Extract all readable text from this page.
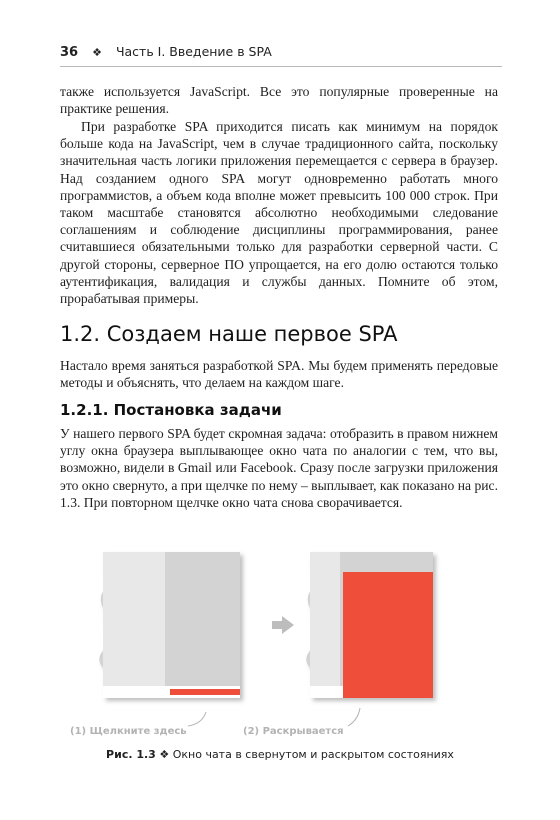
36 ❖ Часть I. Введение в SPA

также используется JavaScript. Все это популярные проверенные на практике решения.

При разработке SPA приходится писать как минимум на порядок больше кода на JavaScript, чем в случае традиционного сайта, поскольку значительная часть логики приложения перемещается с сервера в браузер. Над созданием одного SPA могут одновременно работать много программистов, а объем кода вполне может превысить 100 000 строк. При таком масштабе становятся абсолютно необходимыми следование соглашениям и соблюдение дисциплины программирования, ранее считавшиеся обязательными только для разработки серверной части. С другой стороны, серверное ПО упрощается, на его долю остаются только аутентификация, валидация и службы данных. Помните об этом, прорабатывая примеры.

1.2. Создаем наше первое SPA

Настало время заняться разработкой SPA. Мы будем применять передовые методы и объяснять, что делаем на каждом шаге.

1.2.1. Постановка задачи

У нашего первого SPA будет скромная задача: отобразить в правом нижнем углу окна браузера выплывающее окно чата по аналогии с тем, что вы, возможно, видели в Gmail или Facebook. Сразу после загрузки приложения это окно свернуто, а при щелчке по нему – выплывает, как показано на рис. 1.3. При повторном щелчке окно чата снова сворачивается.

(1) Щелкните здесь	(2) Раскрывается
Рис. 1.3 ❖ Окно чата в свернутом и раскрытом состояниях
